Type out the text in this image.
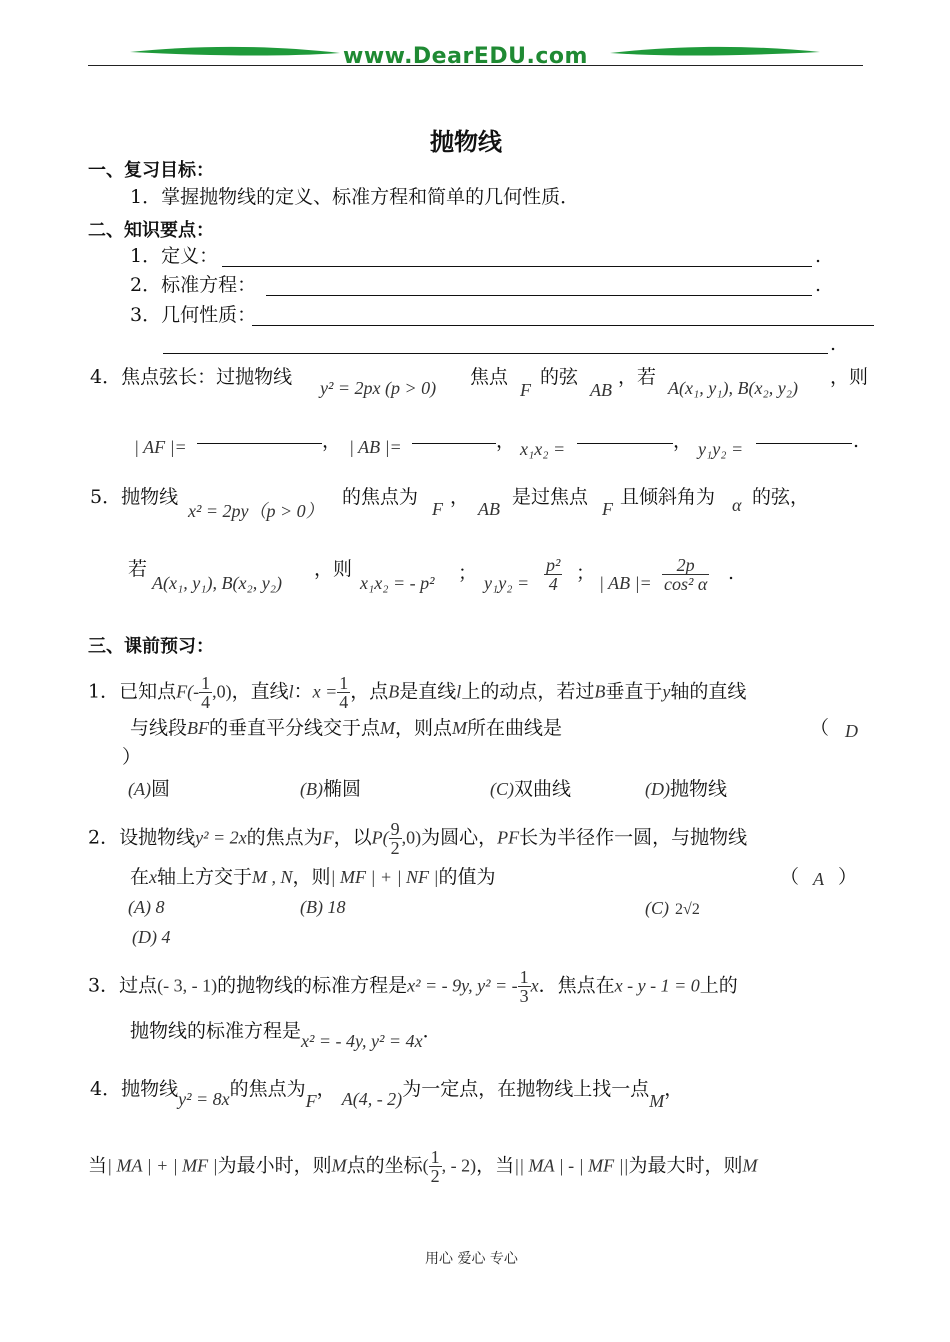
www.DearEDU.com
抛物线
一、复习目标：
1．掌握抛物线的定义、标准方程和简单的几何性质．
二、知识要点：
1．定义：	.
2．标准方程：	.
3．几何性质：
.
4．焦点弦长：过抛物线 y² = 2px (p > 0) 焦点
F
的弦
AB
，若 A(x₁, y₁), B(x₂, y₂) ，则
| AF |=	， | AB |=	， x₁x₂ =	， y₁y₂ =	.
5．抛物线
x² = 2py（p > 0）
的焦点为
F
，
AB
是过焦点
F
且倾斜角为 α 的弦，
若
A(x₁, y₁), B(x₂, y₂)
，则
x₁x₂ = - p² ； $y_1y_2 = \frac{\text{p²}}{4}$ ； | AB |= $\frac{2p}{\text{cos² α}}$ .
三、课前预习：
1．已知点$F(- \frac{1}{4} ,0)$，直线l：$x = \frac{1}{4}$ ，点B是直线l上的动点，若过B垂直于y轴的直线
与线段BF的垂直平分线交于点M，则点M所在曲线是	（ D
）
(A)圆	(B)椭圆	(C)双曲线	(D)抛物线
2．设抛物线y² = 2x的焦点为F，以$P( \frac{9}{2} ,0)$为圆心，PF长为半径作一圆，与抛物线
在x轴上方交于M , N，则| MF | + | NF |的值为	（ A ）
(A) 8	(B) 18	(C) 2√2
(D) 4
3．过点(- 3, - 1)的抛物线的标准方程是x² = - 9y, y² = - $\frac{1}{3}$ x．焦点在x - y - 1 = 0上的
抛物线的标准方程是x² = - 4y, y² = 4x．
4．抛物线y² = 8x的焦点为F， A(4, - 2)为一定点，在抛物线上找一点M，
当| MA | + | MF |为最小时，则M点的坐标( $\frac{1}{2}$ , - 2)，当|| MA | - | MF ||为最大时，则M
用心 爱心 专心
